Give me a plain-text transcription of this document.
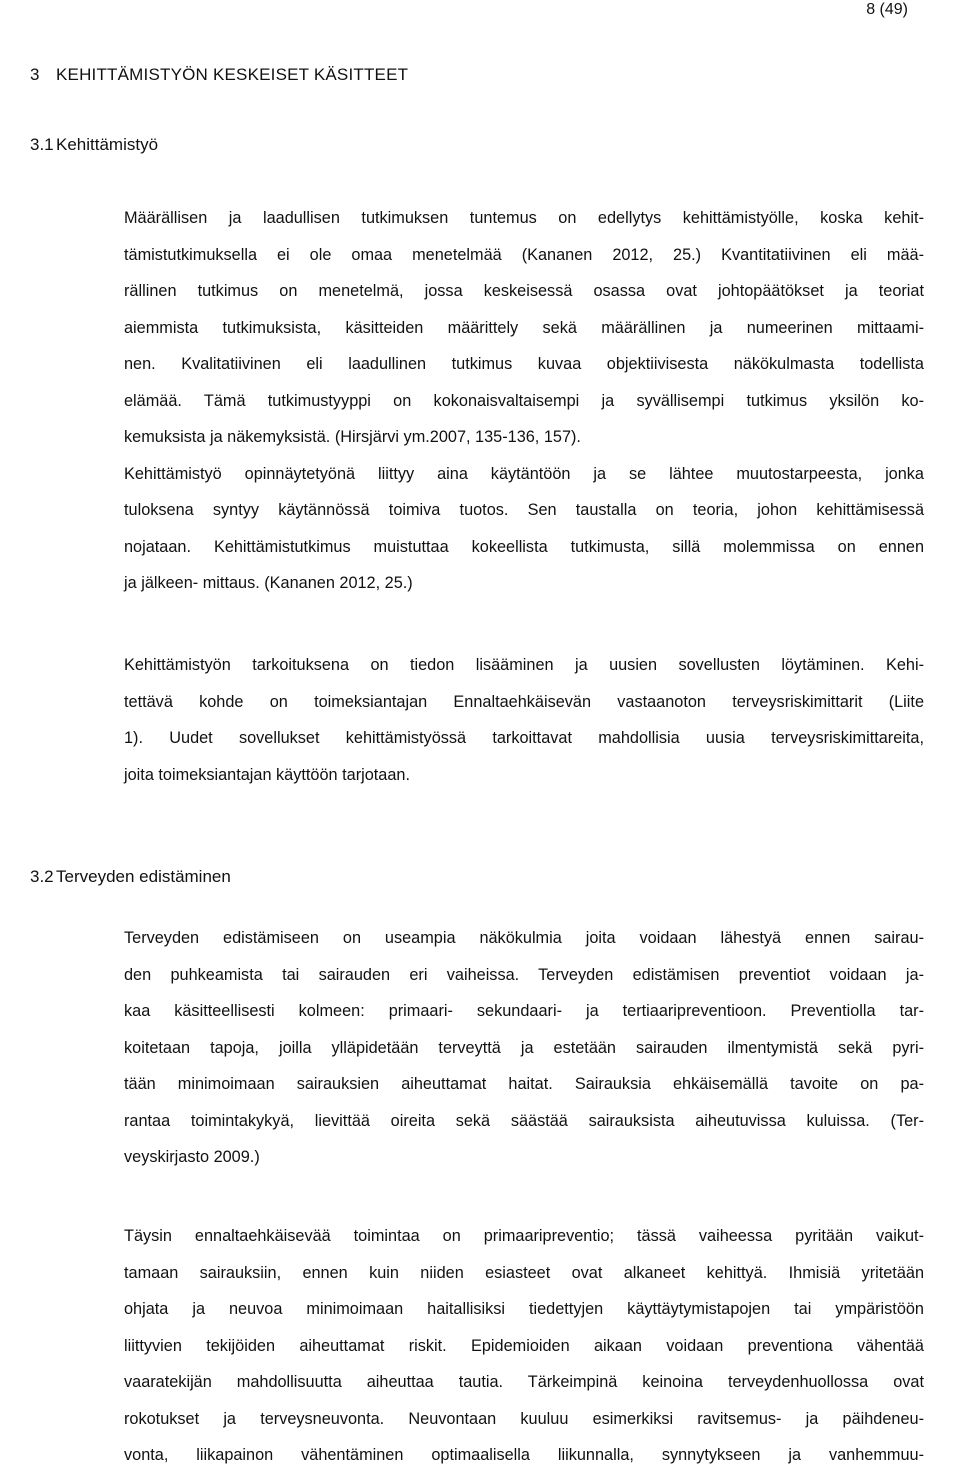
8 (49)
3 KEHITTÄMISTYÖN KESKEISET KÄSITTEET
3.1 Kehittämistyö
Määrällisen ja laadullisen tutkimuksen tuntemus on edellytys kehittämistyölle, koska kehit-
tämistutkimuksella ei ole omaa menetelmää (Kananen 2012, 25.) Kvantitatiivinen eli mää-
rällinen tutkimus on menetelmä, jossa keskeisessä osassa ovat johtopäätökset ja teoriat
aiemmista tutkimuksista, käsitteiden määrittely sekä määrällinen ja numeerinen mittaami-
nen. Kvalitatiivinen eli laadullinen tutkimus kuvaa objektiivisesta näkökulmasta todellista
elämää. Tämä tutkimustyyppi on kokonaisvaltaisempi ja syvällisempi tutkimus yksilön ko-
kemuksista ja näkemyksistä. (Hirsjärvi ym.2007, 135-136, 157).
Kehittämistyö opinnäytetyönä liittyy aina käytäntöön ja se lähtee muutostarpeesta, jonka
tuloksena syntyy käytännössä toimiva tuotos. Sen taustalla on teoria, johon kehittämisessä
nojataan. Kehittämistutkimus muistuttaa kokeellista tutkimusta, sillä molemmissa on ennen
ja jälkeen- mittaus. (Kananen 2012, 25.)
Kehittämistyön tarkoituksena on tiedon lisääminen ja uusien sovellusten löytäminen. Kehi-
tettävä kohde on toimeksiantajan Ennaltaehkäisevän vastaanoton terveysriskimittarit (Liite
1). Uudet sovellukset kehittämistyössä tarkoittavat mahdollisia uusia terveysriskimittareita,
joita toimeksiantajan käyttöön tarjotaan.
3.2 Terveyden edistäminen
Terveyden edistämiseen on useampia näkökulmia joita voidaan lähestyä ennen sairau-
den puhkeamista tai sairauden eri vaiheissa. Terveyden edistämisen preventiot voidaan ja-
kaa käsitteellisesti kolmeen: primaari- sekundaari- ja tertiaaripreventioon. Preventiolla tar-
koitetaan tapoja, joilla ylläpidetään terveyttä ja estetään sairauden ilmentymistä sekä pyri-
tään minimoimaan sairauksien aiheuttamat haitat. Sairauksia ehkäisemällä tavoite on pa-
rantaa toimintakykyä, lievittää oireita sekä säästää sairauksista aiheutuvissa kuluissa. (Ter-
veyskirjasto 2009.)
Täysin ennaltaehkäisevää toimintaa on primaaripreventio; tässä vaiheessa pyritään vaikut-
tamaan sairauksiin, ennen kuin niiden esiasteet ovat alkaneet kehittyä. Ihmisiä yritetään
ohjata ja neuvoa minimoimaan haitallisiksi tiedettyjen käyttäytymistapojen tai ympäristöön
liittyvien tekijöiden aiheuttamat riskit. Epidemioiden aikaan voidaan preventiona vähentää
vaaratekijän mahdollisuutta aiheuttaa tautia. Tärkeimpinä keinoina terveydenhuollossa ovat
rokotukset ja terveysneuvonta. Neuvontaan kuuluu esimerkiksi ravitsemus- ja päihdeneu-
vonta, liikapainon vähentäminen optimaalisella liikunnalla, synnytykseen ja vanhemmuu-
